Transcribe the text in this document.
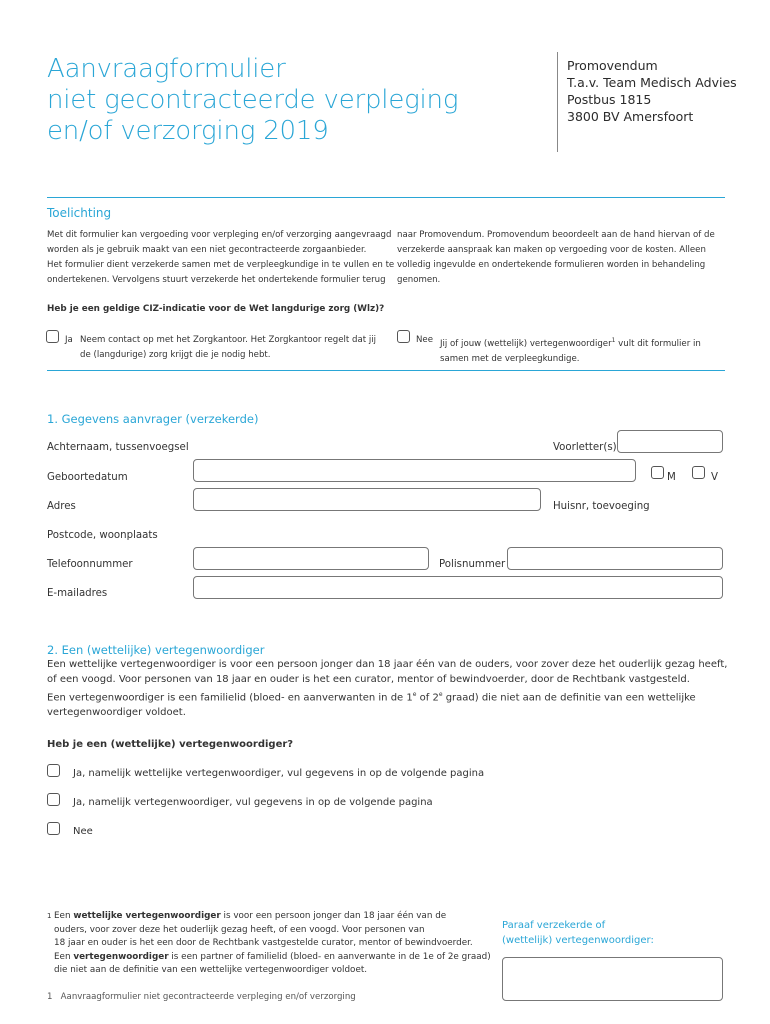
Aanvraagformulier
niet gecontracteerde verpleging
en/of verzorging 2019
Promovendum
T.a.v. Team Medisch Advies
Postbus 1815
3800 BV Amersfoort
Toelichting
Met dit formulier kan vergoeding voor verpleging en/of verzorging aangevraagd
worden als je gebruik maakt van een niet gecontracteerde zorgaanbieder.
Het formulier dient verzekerde samen met de verpleegkundige in te vullen en te
ondertekenen. Vervolgens stuurt verzekerde het ondertekende formulier terug
naar Promovendum. Promovendum beoordeelt aan de hand hiervan of de
verzekerde aanspraak kan maken op vergoeding voor de kosten. Alleen
volledig ingevulde en ondertekende formulieren worden in behandeling
genomen.
Heb je een geldige CIZ-indicatie voor de Wet langdurige zorg (Wlz)?
Ja Neem contact op met het Zorgkantoor. Het Zorgkantoor regelt dat jij
de (langdurige) zorg krijgt die je nodig hebt.
Nee Jij of jouw (wettelijk) vertegenwoordiger$^1$ vult dit formulier in
samen met de verpleegkundige.
1. Gegevens aanvrager (verzekerde)
Achternaam, tussenvoegsel	Voorletter(s)
Geboortedatum	M	V
Adres	Huisnr, toevoeging
Postcode, woonplaats
Telefoonnummer	Polisnummer
E-mailadres
2. Een (wettelijke) vertegenwoordiger
Een wettelijke vertegenwoordiger is voor een persoon jonger dan 18 jaar één van de ouders, voor zover deze het ouderlijk gezag heeft,
of een voogd. Voor personen van 18 jaar en ouder is het een curator, mentor of bewindvoerder, door de Rechtbank vastgesteld.
Een vertegenwoordiger is een familielid (bloed- en aanverwanten in de 1e of 2e graad) die niet aan de definitie van een wettelijke
vertegenwoordiger voldoet.
Heb je een (wettelijke) vertegenwoordiger?
Ja, namelijk wettelijke vertegenwoordiger, vul gegevens in op de volgende pagina
Ja, namelijk vertegenwoordiger, vul gegevens in op de volgende pagina
Nee
1 Een wettelijke vertegenwoordiger is voor een persoon jonger dan 18 jaar één van de
ouders, voor zover deze het ouderlijk gezag heeft, of een voogd. Voor personen van
18 jaar en ouder is het een door de Rechtbank vastgestelde curator, mentor of bewindvoerder.
Een vertegenwoordiger is een partner of familielid (bloed- en aanverwante in de 1e of 2e graad)
die niet aan de definitie van een wettelijke vertegenwoordiger voldoet.
Paraaf verzekerde of
(wettelijk) vertegenwoordiger:
1 Aanvraagformulier niet gecontracteerde verpleging en/of verzorging
